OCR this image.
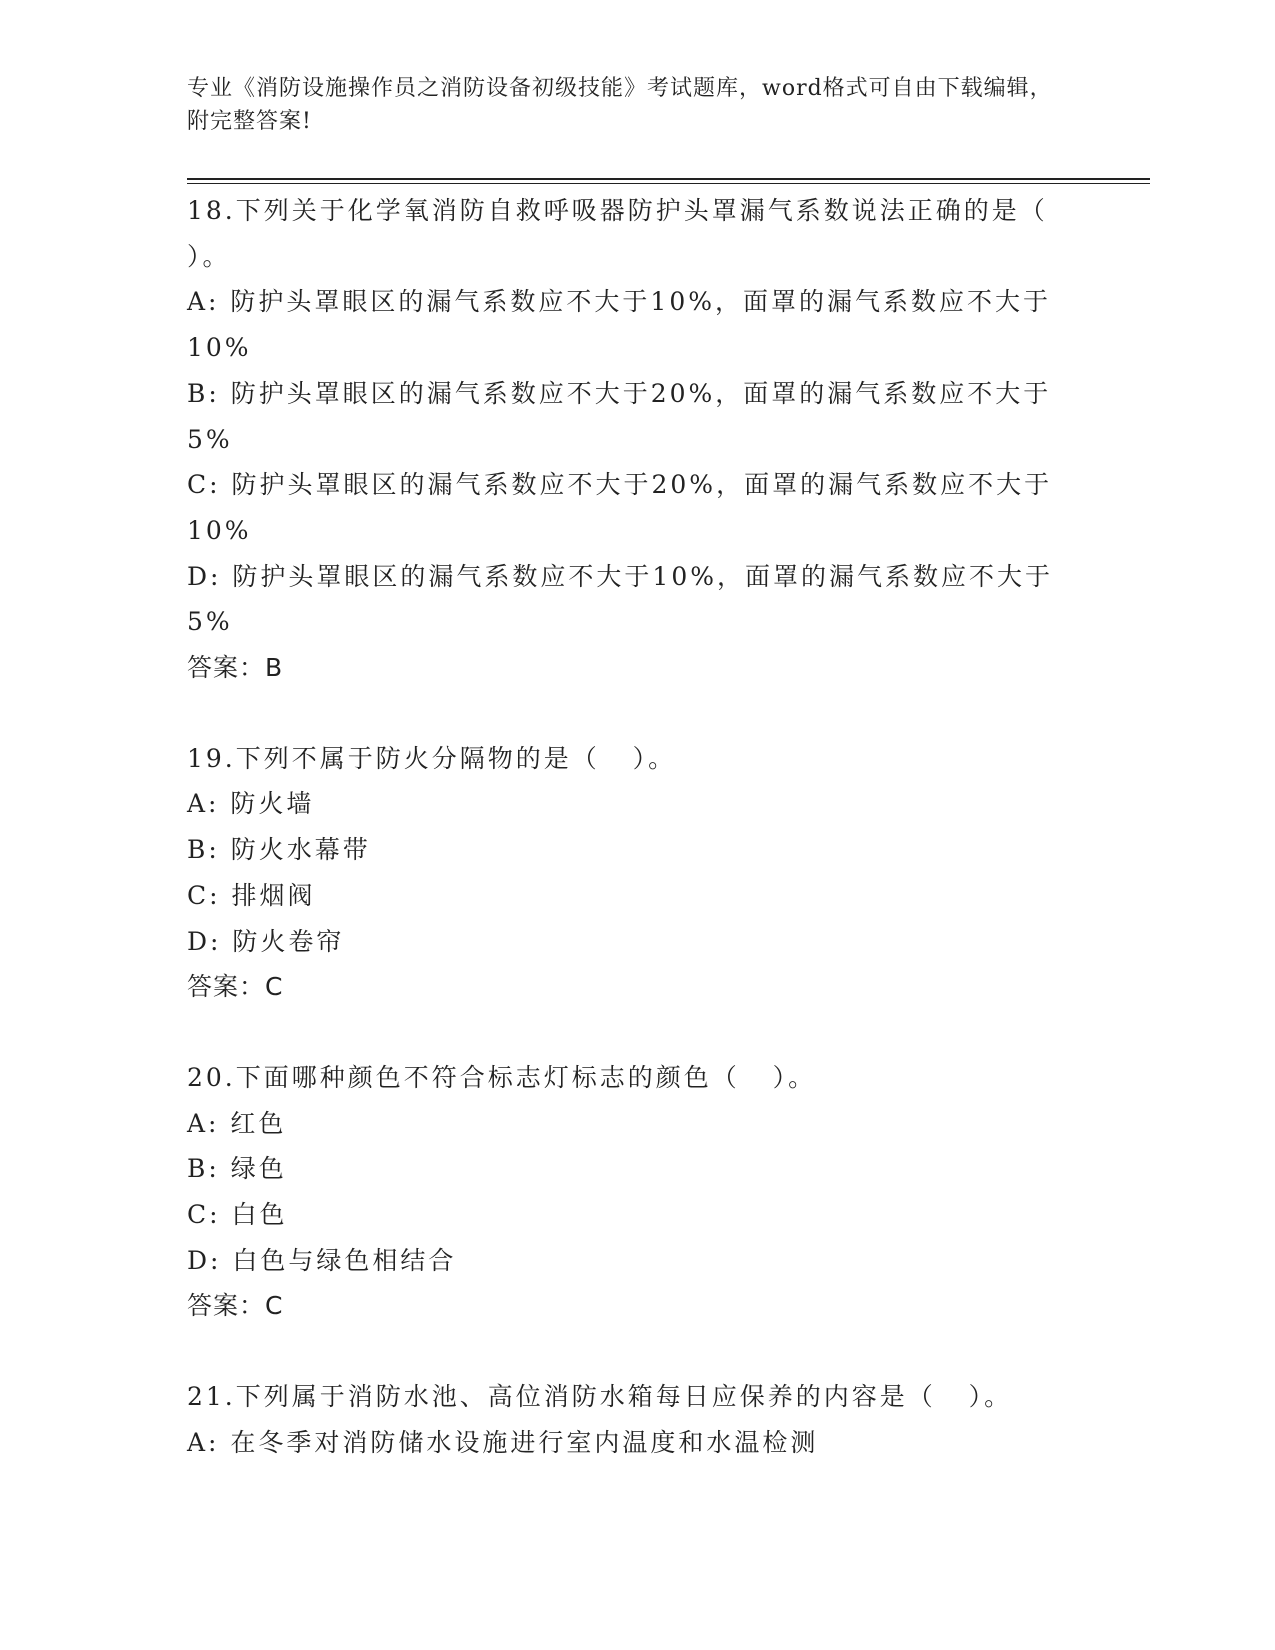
专业《消防设施操作员之消防设备初级技能》考试题库，word格式可自由下载编辑，附完整答案!
18.下列关于化学氧消防自救呼吸器防护头罩漏气系数说法正确的是（
）。
A: 防护头罩眼区的漏气系数应不大于10%，面罩的漏气系数应不大于
10%
B: 防护头罩眼区的漏气系数应不大于20%，面罩的漏气系数应不大于
5%
C: 防护头罩眼区的漏气系数应不大于20%，面罩的漏气系数应不大于
10%
D: 防护头罩眼区的漏气系数应不大于10%，面罩的漏气系数应不大于
5%
答案：B
19.下列不属于防火分隔物的是（   ）。
A: 防火墙
B: 防火水幕带
C: 排烟阀
D: 防火卷帘
答案：C
20.下面哪种颜色不符合标志灯标志的颜色（   ）。
A: 红色
B: 绿色
C: 白色
D: 白色与绿色相结合
答案：C
21.下列属于消防水池、高位消防水箱每日应保养的内容是（   ）。
A: 在冬季对消防储水设施进行室内温度和水温检测
